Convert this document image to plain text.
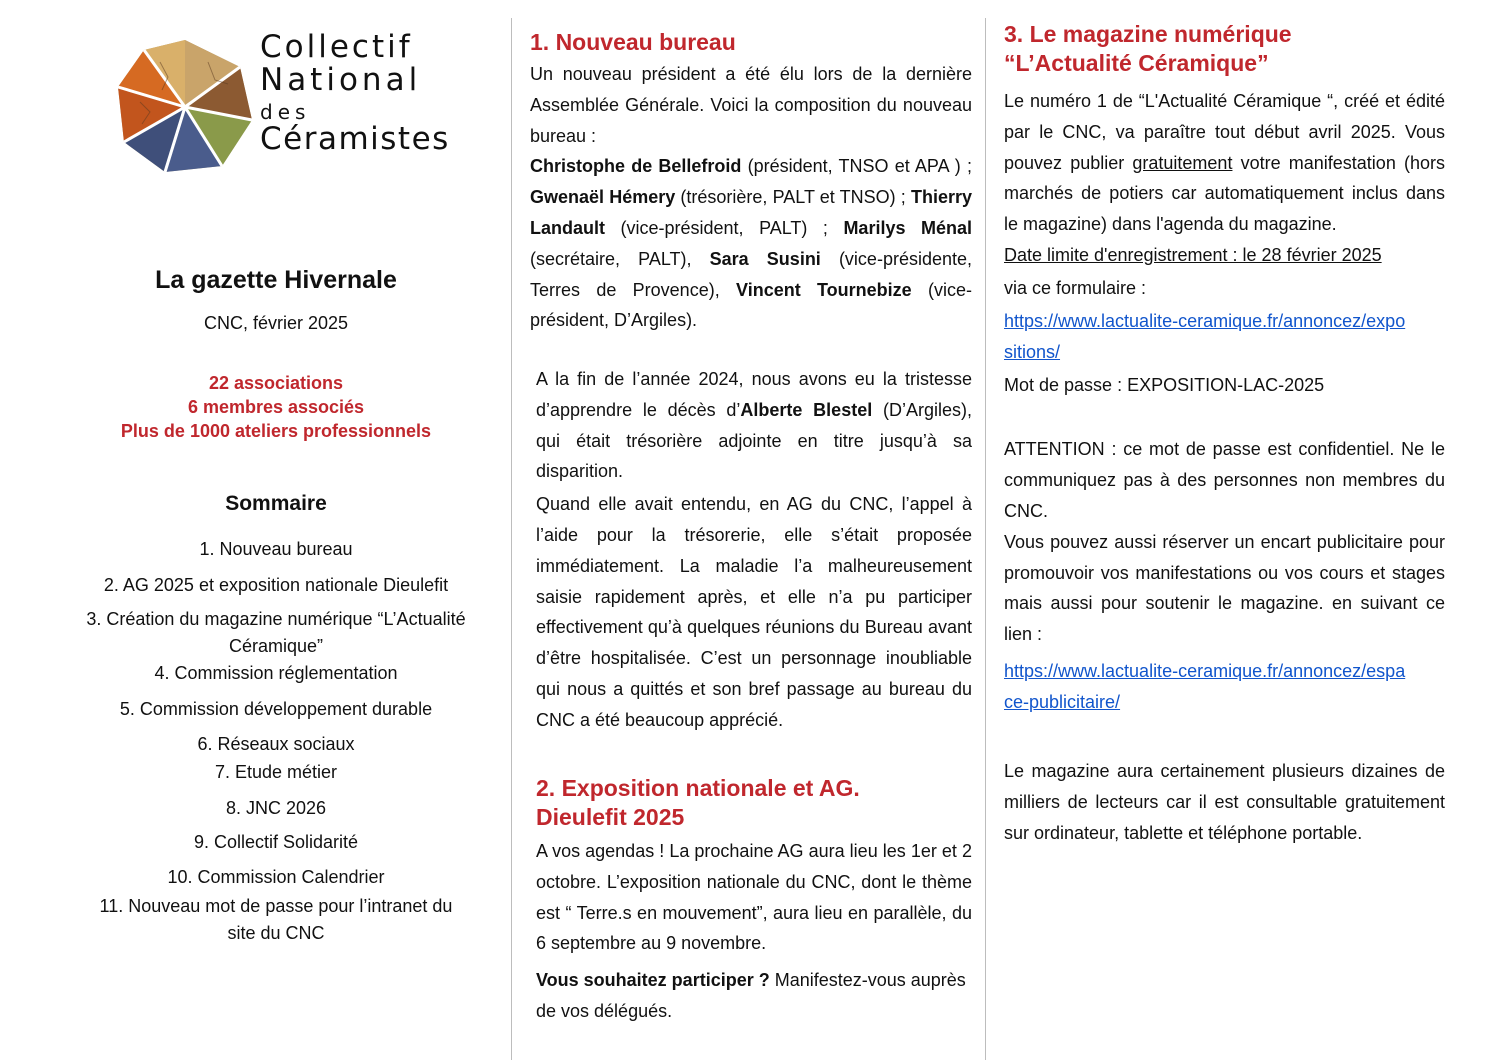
Collectif
National
des
Céramistes
La gazette Hivernale
CNC, février 2025
22 associations
6 membres associés
Plus de 1000 ateliers professionnels
Sommaire
1. Nouveau bureau
2. AG 2025 et exposition nationale Dieulefit
3. Création du magazine numérique “L’Actualité
Céramique”
4. Commission réglementation
5. Commission développement durable
6. Réseaux sociaux
7. Etude métier
8. JNC 2026
9. Collectif Solidarité
10. Commission Calendrier
11. Nouveau mot de passe pour l’intranet du
site du CNC
1. Nouveau bureau

Un nouveau président a été élu lors de la dernière Assemblée Générale. Voici la composition du nouveau bureau :

Christophe de Bellefroid (président, TNSO et APA ) ; Gwenaël Hémery (trésorière, PALT et TNSO) ; Thierry Landault (vice-président, PALT) ; Marilys Ménal (secrétaire, PALT), Sara Susini (vice-présidente, Terres de Provence), Vincent Tournebize (vice-président, D’Argiles).

A la fin de l’année 2024, nous avons eu la tristesse d’apprendre le décès d’Alberte Blestel (D’Argiles), qui était trésorière adjointe en titre jusqu’à sa disparition.

Quand elle avait entendu, en AG du CNC, l’appel à l’aide pour la trésorerie, elle s’était proposée immédiatement. La maladie l’a malheureusement saisie rapidement après, et elle n’a pu participer effectivement qu’à quelques réunions du Bureau avant d’être hospitalisée. C’est un personnage inoubliable qui nous a quittés et son bref passage au bureau du CNC a été beaucoup apprécié.

2. Exposition nationale et AG.
Dieulefit 2025

A vos agendas ! La prochaine AG aura lieu les 1er et 2 octobre. L’exposition nationale du CNC, dont le thème est “ Terre.s en mouvement”, aura lieu en parallèle, du 6 septembre au 9 novembre.

Vous souhaitez participer ? Manifestez-vous auprès de vos délégués.

3. Le magazine numérique
“L’Actualité Céramique”

Le numéro 1 de “L'Actualité Céramique “, créé et édité par le CNC, va paraître tout début avril 2025. Vous pouvez publier gratuitement votre manifestation (hors marchés de potiers car automatiquement inclus dans le magazine) dans l'agenda du magazine.

Date limite d'enregistrement : le 28 février 2025

via ce formulaire :

https://www.lactualite-ceramique.fr/annoncez/expo
sitions/

Mot de passe : EXPOSITION-LAC-2025

ATTENTION : ce mot de passe est confidentiel. Ne le communiquez pas à des personnes non membres du CNC.

Vous pouvez aussi réserver un encart publicitaire pour promouvoir vos manifestations ou vos cours et stages mais aussi pour soutenir le magazine. en suivant ce lien :

https://www.lactualite-ceramique.fr/annoncez/espa
ce-publicitaire/

Le magazine aura certainement plusieurs dizaines de milliers de lecteurs car il est consultable gratuitement sur ordinateur, tablette et téléphone portable.
